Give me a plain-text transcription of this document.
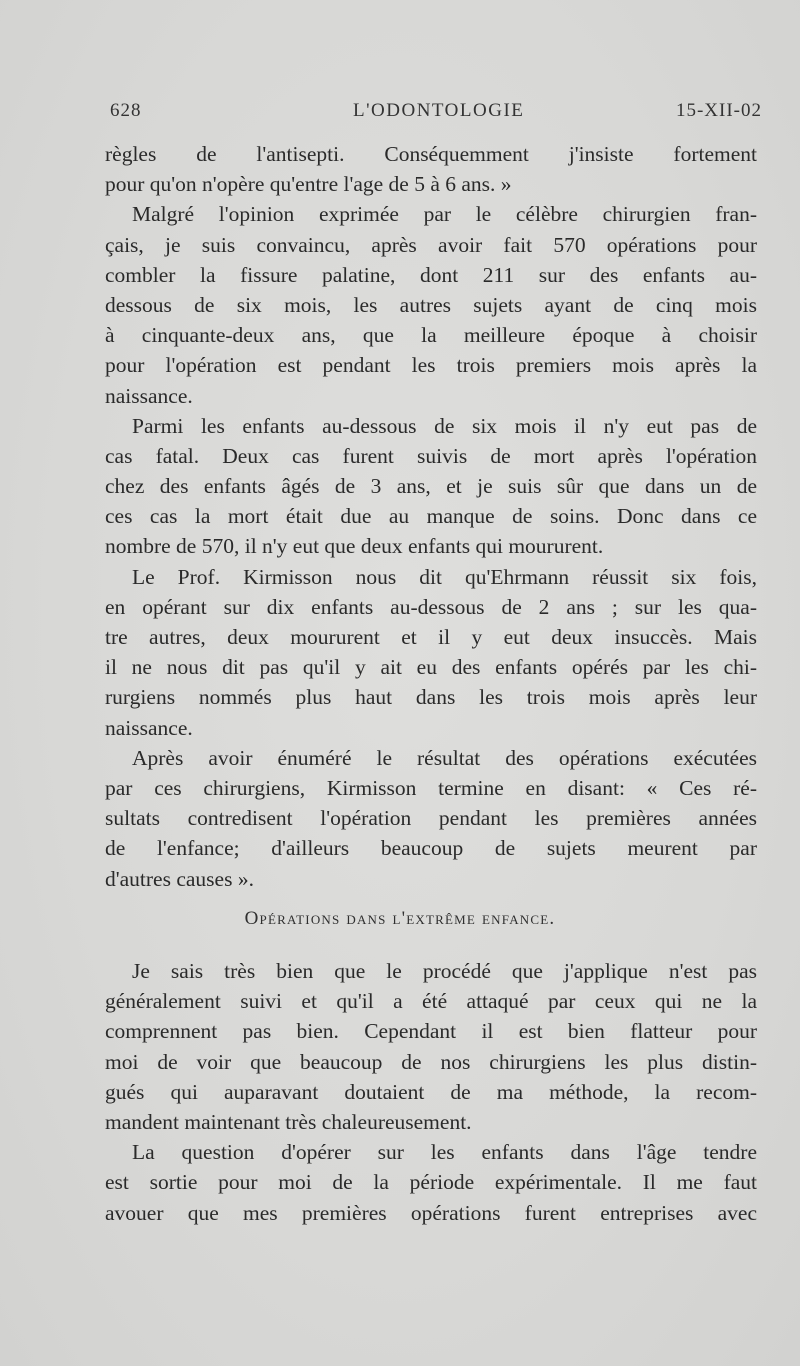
628	L'ODONTOLOGIE	15-XII-02
règles de l'antisepti. Conséquemment j'insiste fortement
pour qu'on n'opère qu'entre l'age de 5 à 6 ans. »
Malgré l'opinion exprimée par le célèbre chirurgien fran-
çais, je suis convaincu, après avoir fait 570 opérations pour
combler la fissure palatine, dont 211 sur des enfants au-
dessous de six mois, les autres sujets ayant de cinq mois
à cinquante-deux ans, que la meilleure époque à choisir
pour l'opération est pendant les trois premiers mois après la
naissance.
Parmi les enfants au-dessous de six mois il n'y eut pas de
cas fatal. Deux cas furent suivis de mort après l'opération
chez des enfants âgés de 3 ans, et je suis sûr que dans un de
ces cas la mort était due au manque de soins. Donc dans ce
nombre de 570, il n'y eut que deux enfants qui moururent.
Le Prof. Kirmisson nous dit qu'Ehrmann réussit six fois,
en opérant sur dix enfants au-dessous de 2 ans ; sur les qua-
tre autres, deux moururent et il y eut deux insuccès. Mais
il ne nous dit pas qu'il y ait eu des enfants opérés par les chi-
rurgiens nommés plus haut dans les trois mois après leur
naissance.
Après avoir énuméré le résultat des opérations exécutées
par ces chirurgiens, Kirmisson termine en disant: « Ces ré-
sultats contredisent l'opération pendant les premières années
de l'enfance; d'ailleurs beaucoup de sujets meurent par
d'autres causes ».
Opérations dans l'extrême enfance.
Je sais très bien que le procédé que j'applique n'est pas
généralement suivi et qu'il a été attaqué par ceux qui ne la
comprennent pas bien. Cependant il est bien flatteur pour
moi de voir que beaucoup de nos chirurgiens les plus distin-
gués qui auparavant doutaient de ma méthode, la recom-
mandent maintenant très chaleureusement.
La question d'opérer sur les enfants dans l'âge tendre
est sortie pour moi de la période expérimentale. Il me faut
avouer que mes premières opérations furent entreprises avec
